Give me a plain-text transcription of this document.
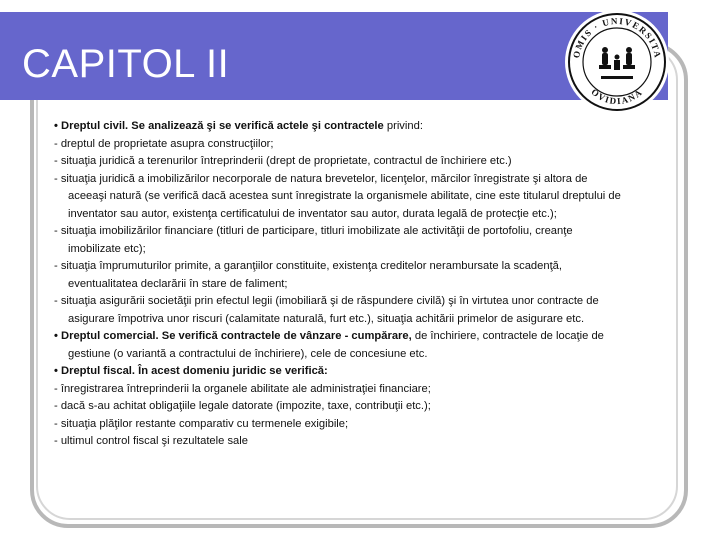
CAPITOL II	OMIS · UNIVERSITA
OVIDIANA

• Dreptul civil. Se analizează şi se verifică actele şi contractele privind:

- dreptul de proprietate asupra construcţiilor;

- situaţia juridică a terenurilor întreprinderii (drept de proprietate, contractul de închiriere etc.)

- situaţia juridică a imobilizărilor necorporale de natura brevetelor, licenţelor, mărcilor înregistrate şi altora de

aceeaşi natură (se verifică dacă acestea sunt înregistrate la organismele abilitate, cine este titularul dreptului de

inventator sau autor, existenţa certificatului de inventator sau autor, durata legală de protecţie etc.);

- situaţia imobilizărilor financiare (titluri de participare, titluri imobilizate ale activităţii de portofoliu, creanţe

imobilizate etc);

- situaţia împrumuturilor primite, a garanţiilor constituite, existenţa creditelor nerambursate la scadenţă,

eventualitatea declarării în stare de faliment;

- situaţia asigurării societăţii prin efectul legii (imobiliară şi de răspundere civilă) şi în virtutea unor contracte de

asigurare împotriva unor riscuri (calamitate naturală, furt etc.), situaţia achitării primelor de asigurare etc.

• Dreptul comercial. Se verifică contractele de vânzare - cumpărare, de închiriere, contractele de locaţie de

gestiune (o variantă a contractului de închiriere), cele de concesiune etc.

• Dreptul fiscal. În acest domeniu juridic se verifică:

- înregistrarea întreprinderii la organele abilitate ale administraţiei financiare;

- dacă s-au achitat obligaţiile legale datorate (impozite, taxe, contribuţii etc.);

- situaţia plăţilor restante comparativ cu termenele exigibile;

- ultimul control fiscal şi rezultatele sale
